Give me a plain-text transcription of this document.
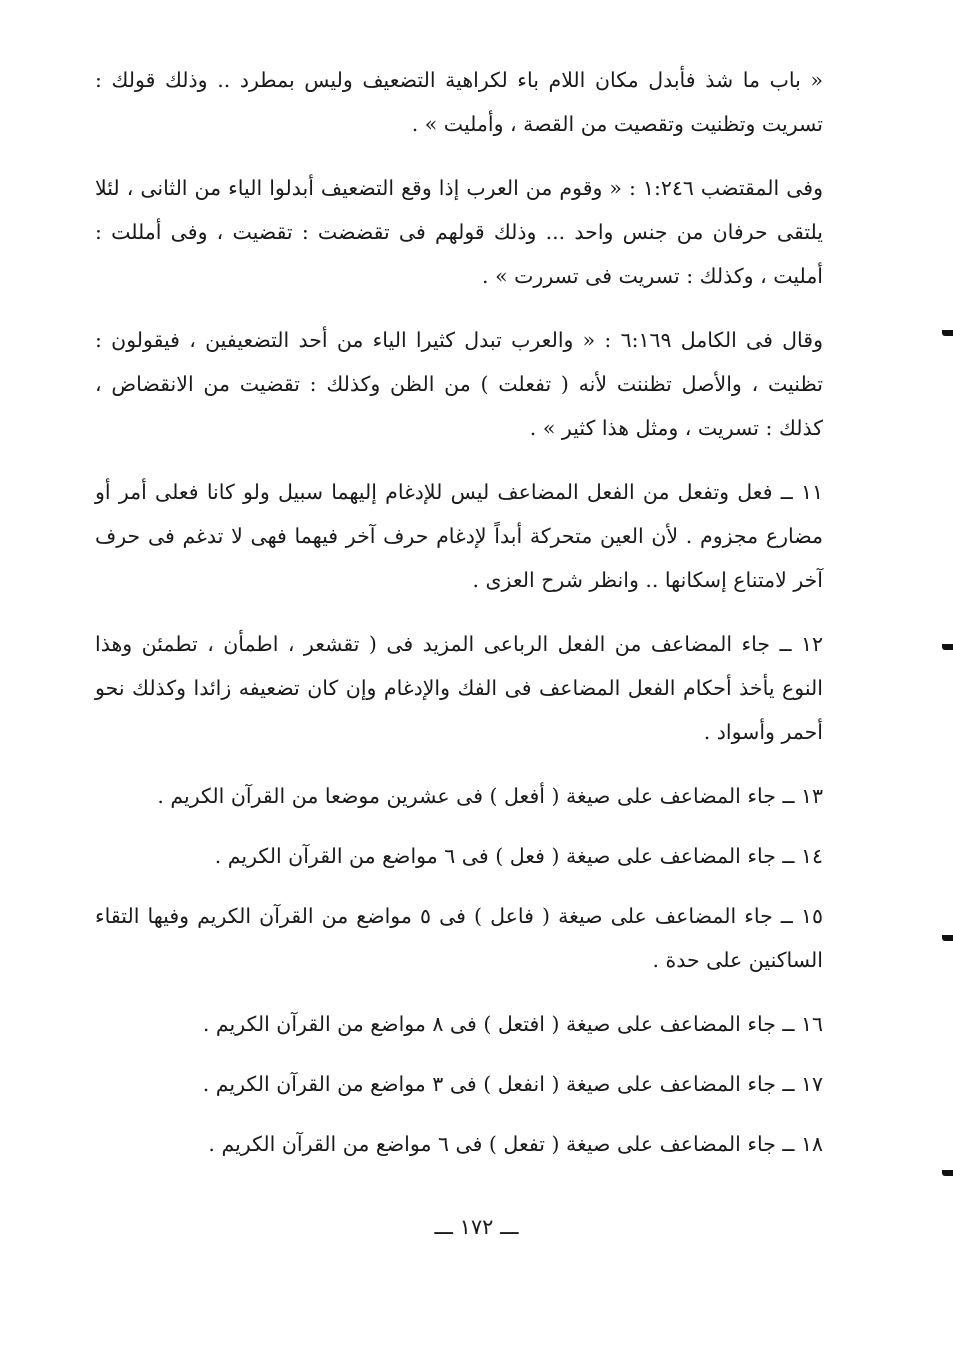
« باب ما شذ فأبدل مكان اللام باء لكراهية التضعيف وليس بمطرد .. وذلك قولك : تسريت وتظنيت وتقصيت من القصة ، وأمليت » .

وفى المقتضب ١:٢٤٦ : « وقوم من العرب إذا وقع التضعيف أبدلوا الياء من الثانى ، لئلا يلتقى حرفان من جنس واحد ... وذلك قولهم فى تقضضت : تقضيت ، وفى أمللت : أمليت ، وكذلك : تسريت فى تسررت » .

وقال فى الكامل ٦:١٦٩ : « والعرب تبدل كثيرا الياء من أحد التضعيفين ، فيقولون : تظنيت ، والأصل تظننت لأنه ( تفعلت ) من الظن وكذلك : تقضيت من الانقضاض ، كذلك : تسريت ، ومثل هذا كثير » .

١١ ــ فعل وتفعل من الفعل المضاعف ليس للإدغام إليهما سبيل ولو كانا فعلى أمر أو مضارع مجزوم . لأن العين متحركة أبداً لإدغام حرف آخر فيهما فهى لا تدغم فى حرف آخر لامتناع إسكانها .. وانظر شرح العزى .

١٢ ــ جاء المضاعف من الفعل الرباعى المزيد فى ( تقشعر ، اطمأن ، تطمئن وهذا النوع يأخذ أحكام الفعل المضاعف فى الفك والإدغام وإن كان تضعيفه زائدا وكذلك نحو أحمر وأسواد .

١٣ ــ جاء المضاعف على صيغة ( أفعل ) فى عشرين موضعا من القرآن الكريم .

١٤ ــ جاء المضاعف على صيغة ( فعل ) فى ٦ مواضع من القرآن الكريم .

١٥ ــ جاء المضاعف على صيغة ( فاعل ) فى ٥ مواضع من القرآن الكريم وفيها التقاء الساكنين على حدة .

١٦ ــ جاء المضاعف على صيغة ( افتعل ) فى ٨ مواضع من القرآن الكريم .

١٧ ــ جاء المضاعف على صيغة ( انفعل ) فى ٣ مواضع من القرآن الكريم .

١٨ ــ جاء المضاعف على صيغة ( تفعل ) فى ٦ مواضع من القرآن الكريم .

ـــ ١٧٢ ـــ
